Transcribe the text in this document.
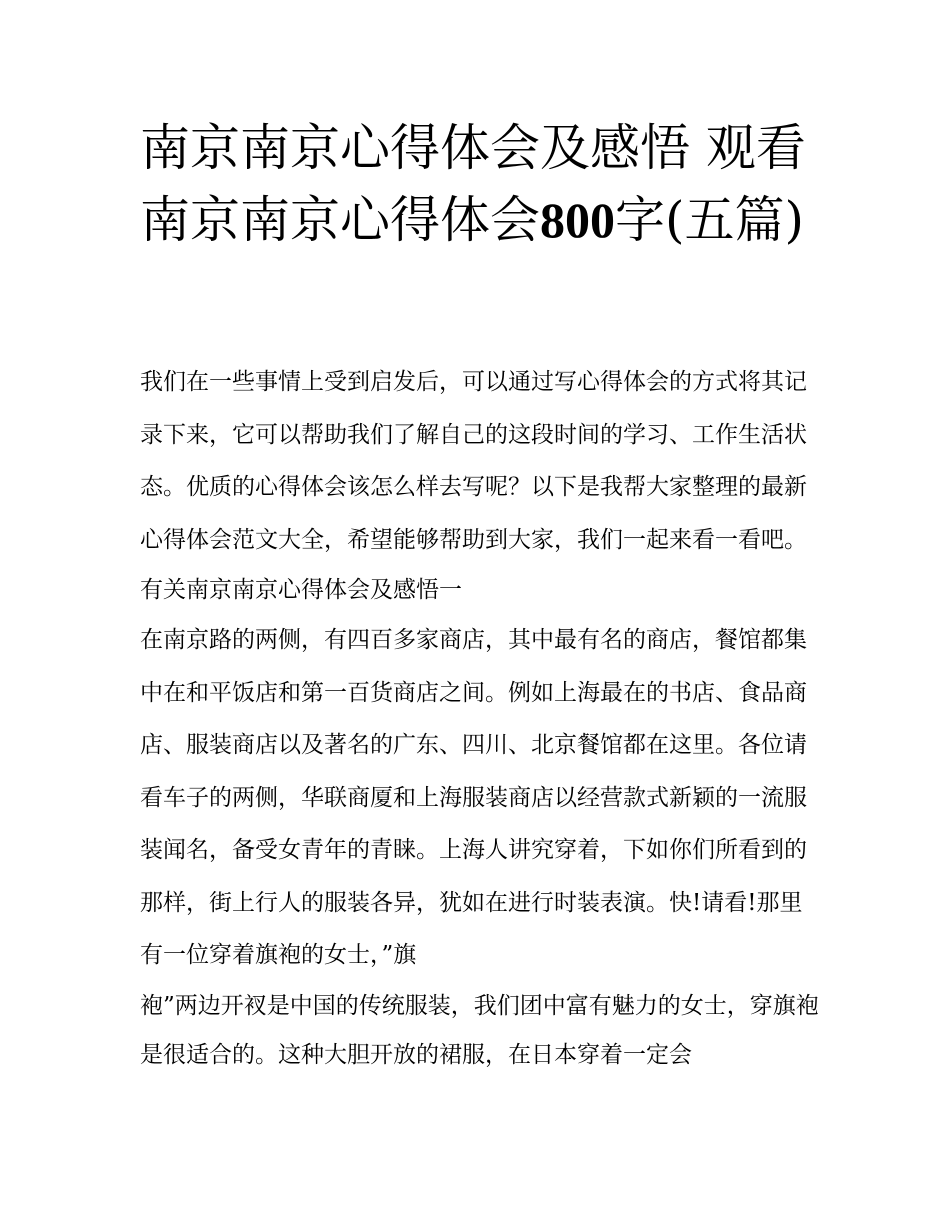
南京南京心得体会及感悟 观看南京南京心得体会800字(五篇)

我们在一些事情上受到启发后，可以通过写心得体会的方式将其记录下来，它可以帮助我们了解自己的这段时间的学习、工作生活状态。优质的心得体会该怎么样去写呢？以下是我帮大家整理的最新心得体会范文大全，希望能够帮助到大家，我们一起来看一看吧。

有关南京南京心得体会及感悟一

在南京路的两侧，有四百多家商店，其中最有名的商店，餐馆都集中在和平饭店和第一百货商店之间。例如上海最在的书店、食品商店、服装商店以及著名的广东、四川、北京餐馆都在这里。各位请看车子的两侧，华联商厦和上海服装商店以经营款式新颖的一流服装闻名，备受女青年的青睐。上海人讲究穿着，下如你们所看到的那样，街上行人的服装各异，犹如在进行时装表演。快!请看!那里有一位穿着旗袍的女士，”旗

袍”两边开衩是中国的传统服装，我们团中富有魅力的女士，穿旗袍是很适合的。这种大胆开放的裙服，在日本穿着一定会
